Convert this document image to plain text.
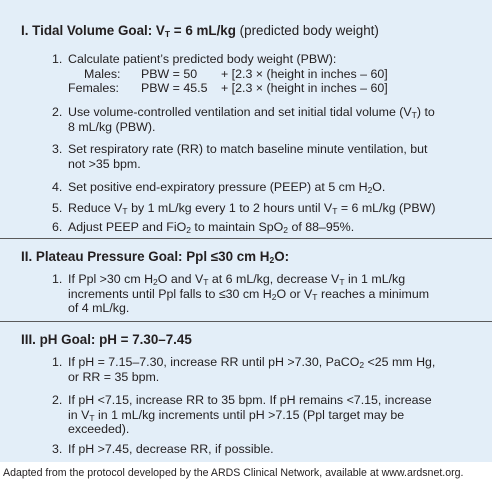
I. Tidal Volume Goal: $V_T = 6$ mL/kg (predicted body weight)
1. Calculate patient’s predicted body weight (PBW):
Males: PBW = 50 + [2.3 × (height in inches – 60]
Females: PBW = 45.5 + [2.3 × (height in inches – 60]
2. Use volume-controlled ventilation and set initial tidal volume $(V_T)$ to
8 mL/kg (PBW).
3. Set respiratory rate (RR) to match baseline minute ventilation, but
not >35 bpm.
4. Set positive end-expiratory pressure (PEEP) at 5 cm $H_2O$.
5. Reduce $V_T$ by 1 mL/kg every 1 to 2 hours until $V_T = 6$ mL/kg (PBW)
6. Adjust PEEP and FiO$_2$ to maintain SpO$_2$ of 88–95%.
II. Plateau Pressure Goal: Ppl ≤30 cm $H_2O$:
1. If Ppl >30 cm $H_2O$ and $V_T$ at 6 mL/kg, decrease $V_T$ in 1 mL/kg
increments until Ppl falls to ≤30 cm $H_2O$ or $V_T$ reaches a minimum
of 4 mL/kg.
III. pH Goal: pH = 7.30–7.45
1. If pH = 7.15–7.30, increase RR until pH >7.30, PaCO$_2$ <25 mm Hg,
or RR = 35 bpm.
2. If pH <7.15, increase RR to 35 bpm. If pH remains <7.15, increase
in $V_T$ in 1 mL/kg increments until pH >7.15 (Ppl target may be
exceeded).
3. If pH >7.45, decrease RR, if possible.
Adapted from the protocol developed by the ARDS Clinical Network, available at www.ardsnet.org.
